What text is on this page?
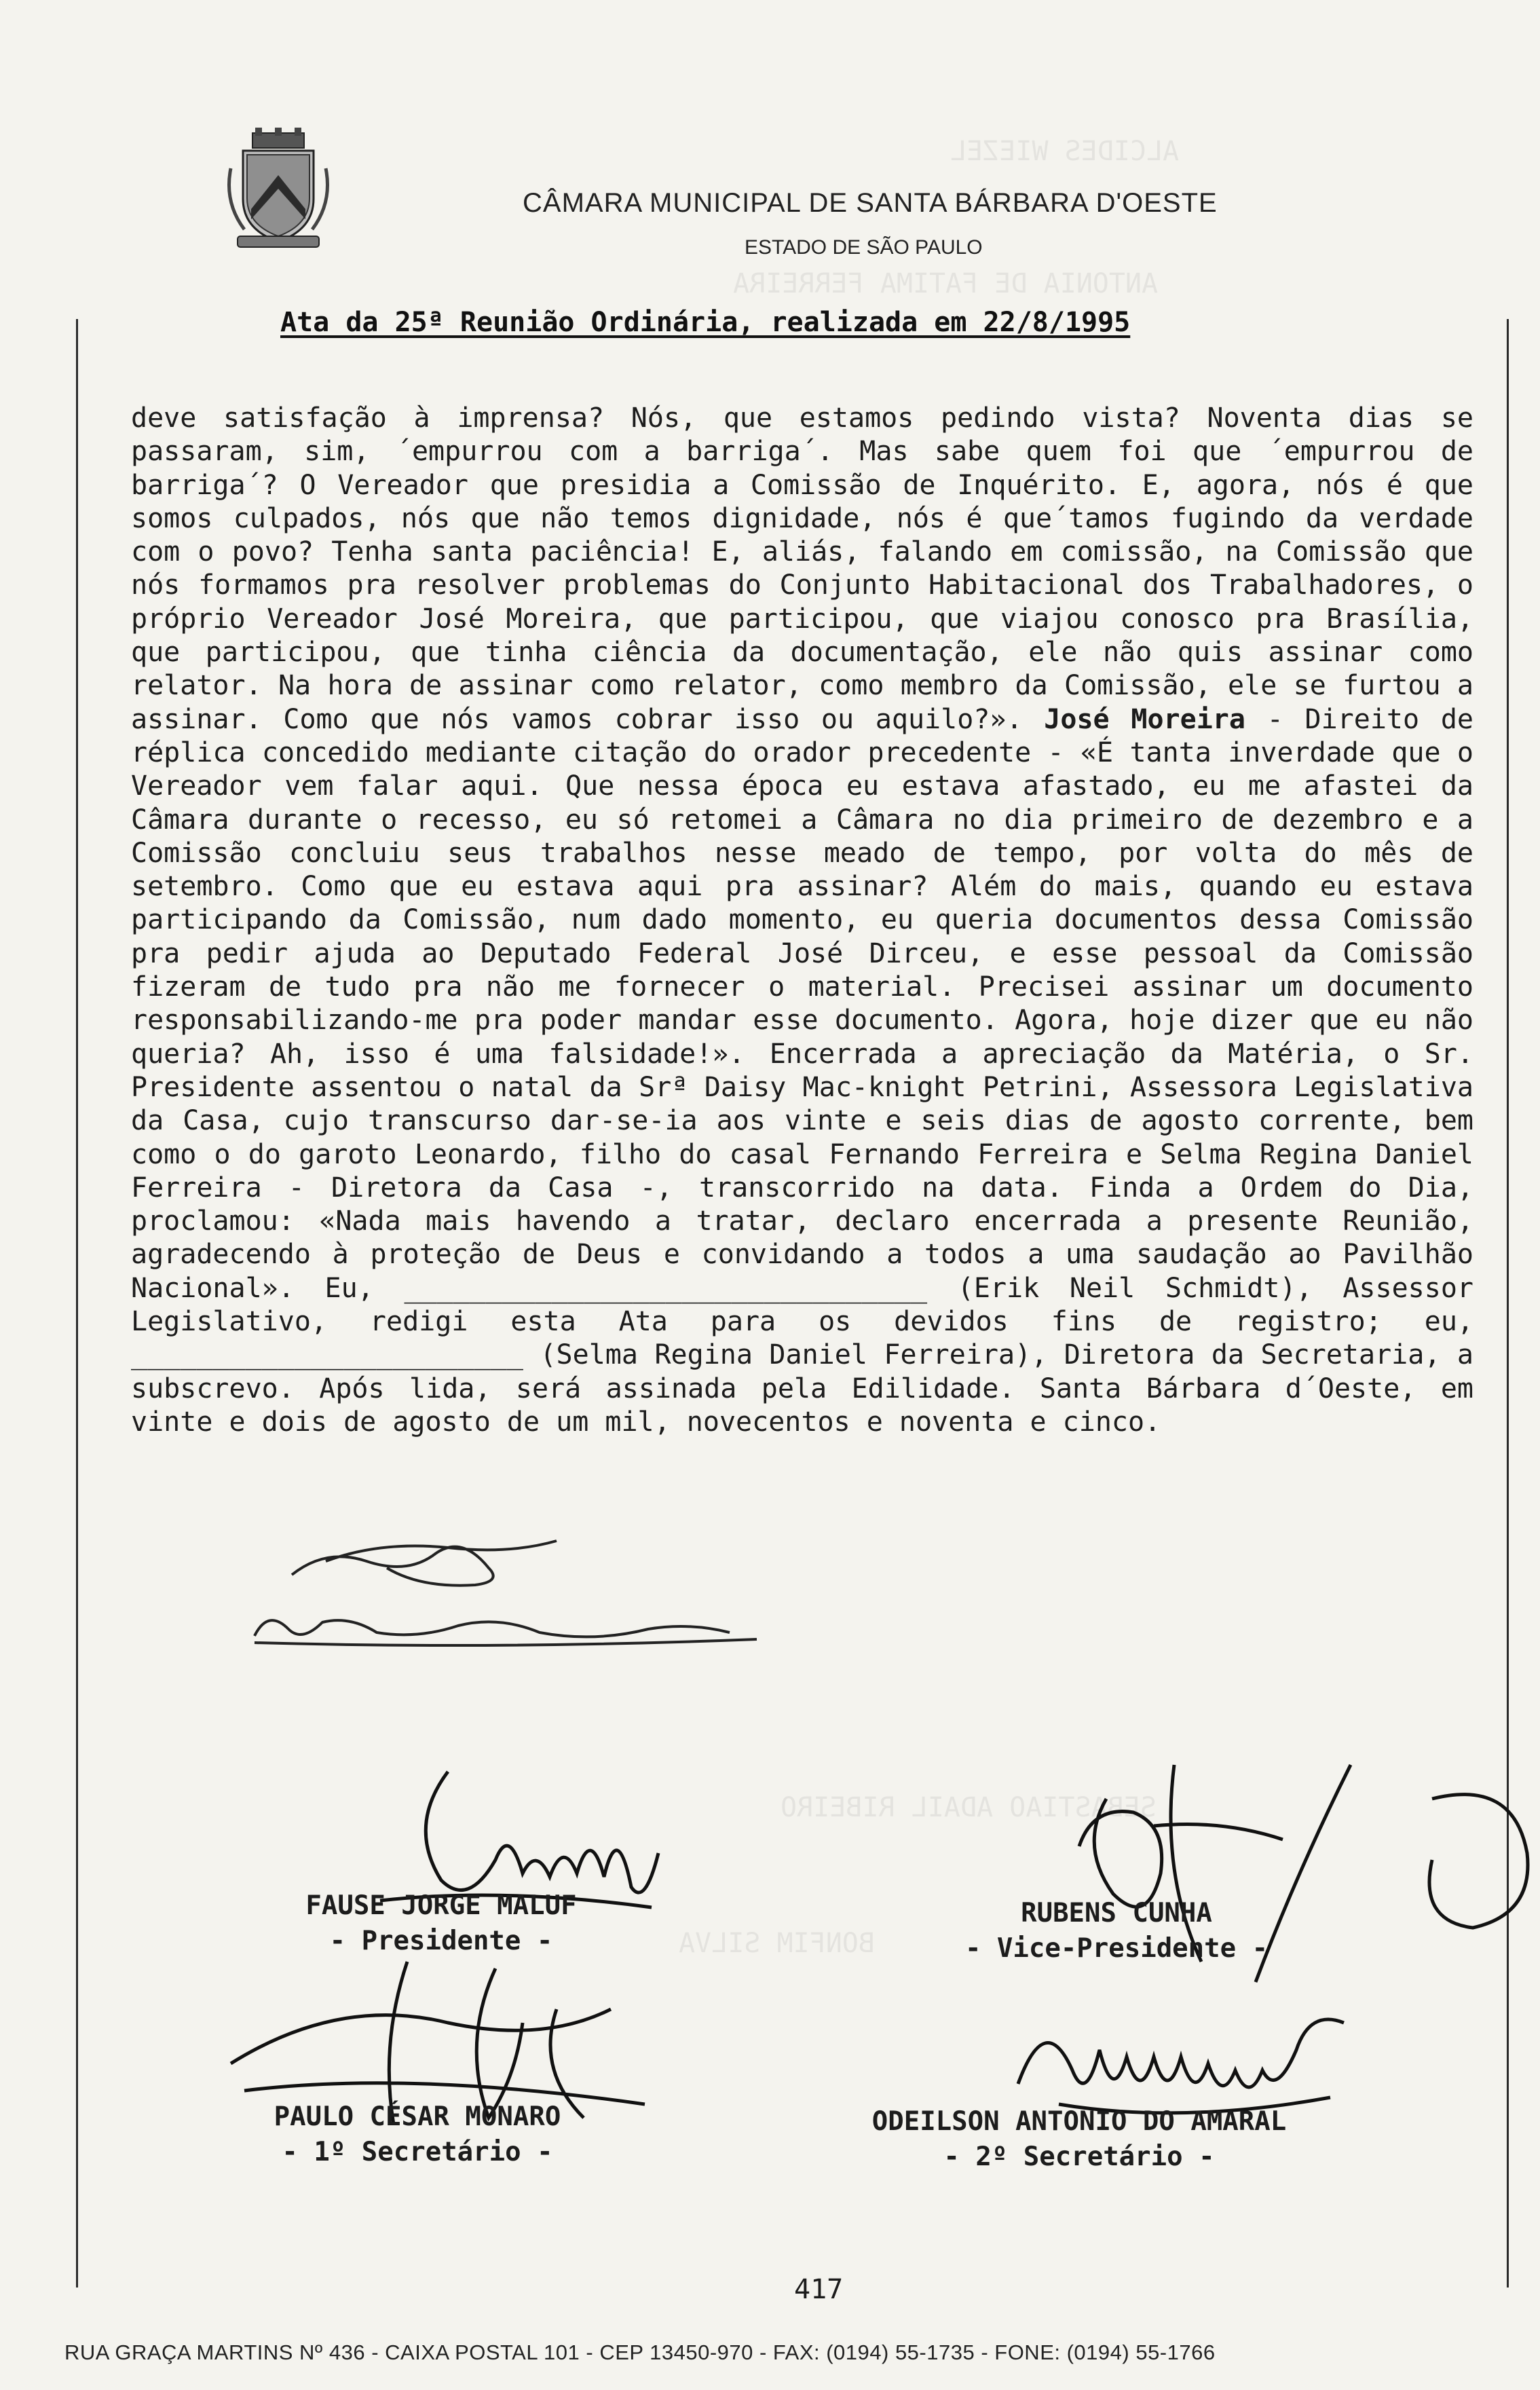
ALCIDES WIEZEL
ANTONIA DE FATIMA FERREIRA
SEBASTIAO ADAIL RIBEIRO
BONFIM SILVA
CÂMARA MUNICIPAL DE SANTA BÁRBARA D'OESTE
ESTADO DE SÃO PAULO
Ata da 25ª Reunião Ordinária, realizada em 22/8/1995
deve satisfação à imprensa? Nós, que estamos pedindo vista? Noventa dias se passaram, sim, ´empurrou com a barriga´. Mas sabe quem foi que ´empurrou de barriga´? O Vereador que presidia a Comissão de Inquérito. E, agora, nós é que somos culpados, nós que não temos dignidade, nós é que´tamos fugindo da verdade com o povo? Tenha santa paciência! E, aliás, falando em comissão, na Comissão que nós formamos pra resolver problemas do Conjunto Habitacional dos Trabalhadores, o próprio Vereador José Moreira, que participou, que viajou conosco pra Brasília, que participou, que tinha ciência da documentação, ele não quis assinar como relator. Na hora de assinar como relator, como membro da Comissão, ele se furtou a assinar. Como que nós vamos cobrar isso ou aquilo?». José Moreira - Direito de réplica concedido mediante citação do orador precedente - «É tanta inverdade que o Vereador vem falar aqui. Que nessa época eu estava afastado, eu me afastei da Câmara durante o recesso, eu só retomei a Câmara no dia primeiro de dezembro e a Comissão concluiu seus trabalhos nesse meado de tempo, por volta do mês de setembro. Como que eu estava aqui pra assinar? Além do mais, quando eu estava participando da Comissão, num dado momento, eu queria documentos dessa Comissão pra pedir ajuda ao Deputado Federal José Dirceu, e esse pessoal da Comissão fizeram de tudo pra não me fornecer o material. Precisei assinar um documento responsabilizando-me pra poder mandar esse documento. Agora, hoje dizer que eu não queria? Ah, isso é uma falsidade!». Encerrada a apreciação da Matéria, o Sr. Presidente assentou o natal da Srª Daisy Mac-knight Petrini, Assessora Legislativa da Casa, cujo transcurso dar-se-ia aos vinte e seis dias de agosto corrente, bem como o do garoto Leonardo, filho do casal Fernando Ferreira e Selma Regina Daniel Ferreira - Diretora da Casa -, transcorrido na data. Finda a Ordem do Dia, proclamou: «Nada mais havendo a tratar, declaro encerrada a presente Reunião, agradecendo à proteção de Deus e convidando a todos a uma saudação ao Pavilhão Nacional». Eu, ________________________________ (Erik Neil Schmidt), Assessor Legislativo, redigi esta Ata para os devidos fins de registro; eu, ________________________ (Selma Regina Daniel Ferreira), Diretora da Secretaria, a subscrevo. Após lida, será assinada pela Edilidade. Santa Bárbara d´Oeste, em vinte e dois de agosto de um mil, novecentos e noventa e cinco.
FAUSE JORGE MALUF
- Presidente -
RUBENS CUNHA
- Vice-Presidente -
PAULO CÉSAR MONARO
- 1º Secretário -
ODEILSON ANTONIO DO AMARAL
- 2º Secretário -
417
RUA GRAÇA MARTINS Nº 436 - CAIXA POSTAL 101 - CEP 13450-970 - FAX: (0194) 55-1735 - FONE: (0194) 55-1766
